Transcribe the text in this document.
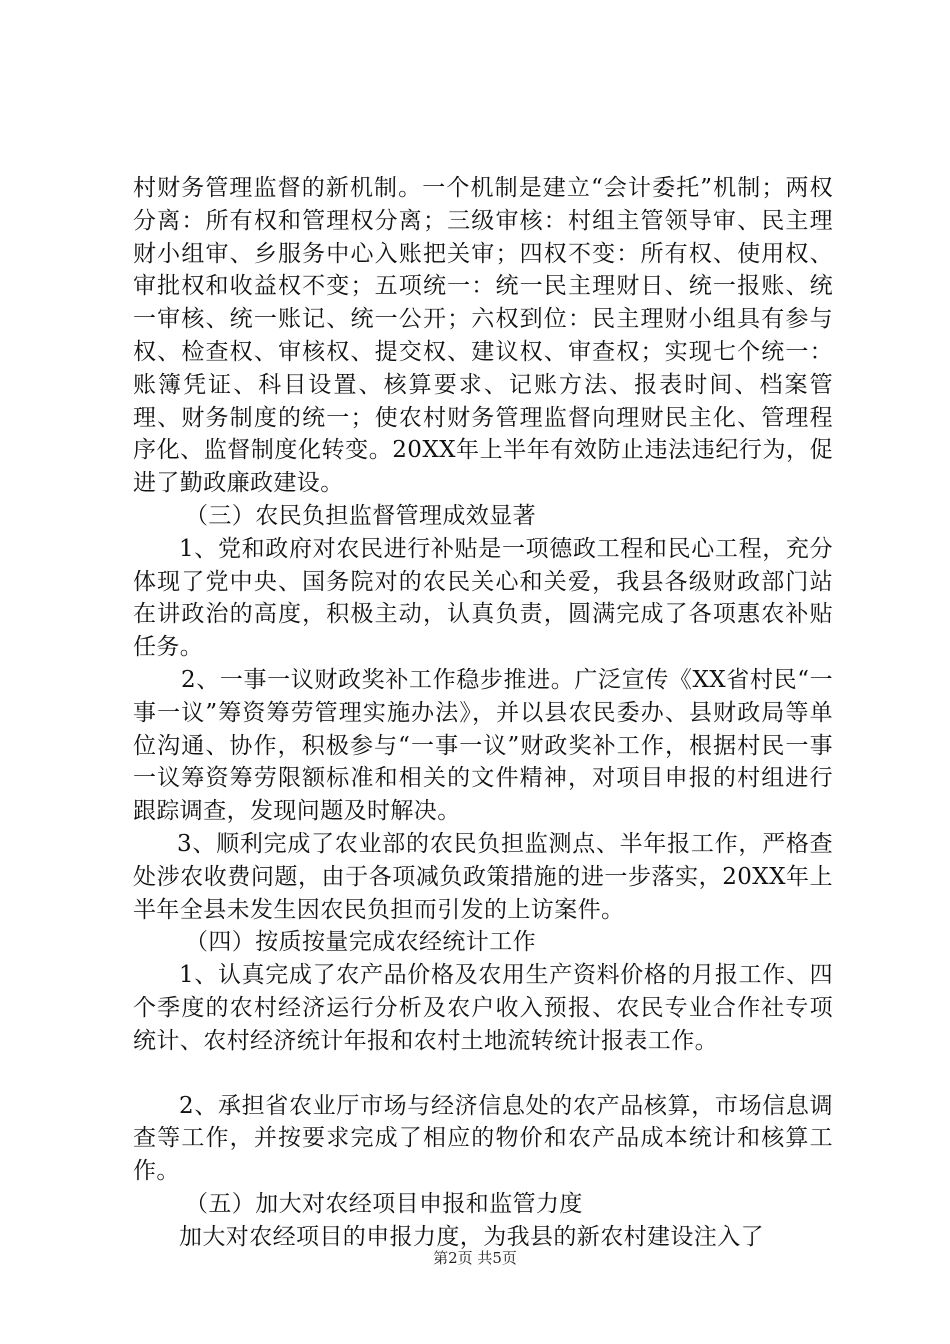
村财务管理监督的新机制。一个机制是建立“会计委托”机制；两权分离：所有权和管理权分离；三级审核：村组主管领导审、民主理财小组审、乡服务中心入账把关审；四权不变：所有权、使用权、审批权和收益权不变；五项统一：统一民主理财日、统一报账、统一审核、统一账记、统一公开；六权到位：民主理财小组具有参与权、检查权、审核权、提交权、建议权、审查权；实现七个统一：账簿凭证、科目设置、核算要求、记账方法、报表时间、档案管理、财务制度的统一；使农村财务管理监督向理财民主化、管理程序化、监督制度化转变。20XX年上半年有效防止违法违纪行为，促进了勤政廉政建设。

（三）农民负担监督管理成效显著

1、党和政府对农民进行补贴是一项德政工程和民心工程，充分体现了党中央、国务院对的农民关心和关爱，我县各级财政部门站在讲政治的高度，积极主动，认真负责，圆满完成了各项惠农补贴任务。

2、一事一议财政奖补工作稳步推进。广泛宣传《XX省村民“一事一议”筹资筹劳管理实施办法》，并以县农民委办、县财政局等单位沟通、协作，积极参与“一事一议”财政奖补工作，根据村民一事一议筹资筹劳限额标准和相关的文件精神，对项目申报的村组进行跟踪调查，发现问题及时解决。

3、顺利完成了农业部的农民负担监测点、半年报工作，严格查处涉农收费问题，由于各项减负政策措施的进一步落实，20XX年上半年全县未发生因农民负担而引发的上访案件。

（四）按质按量完成农经统计工作

1、认真完成了农产品价格及农用生产资料价格的月报工作、四个季度的农村经济运行分析及农户收入预报、农民专业合作社专项统计、农村经济统计年报和农村土地流转统计报表工作。

2、承担省农业厅市场与经济信息处的农产品核算，市场信息调查等工作，并按要求完成了相应的物价和农产品成本统计和核算工作。

（五）加大对农经项目申报和监管力度

加大对农经项目的申报力度，为我县的新农村建设注入了

第2页 共5页
